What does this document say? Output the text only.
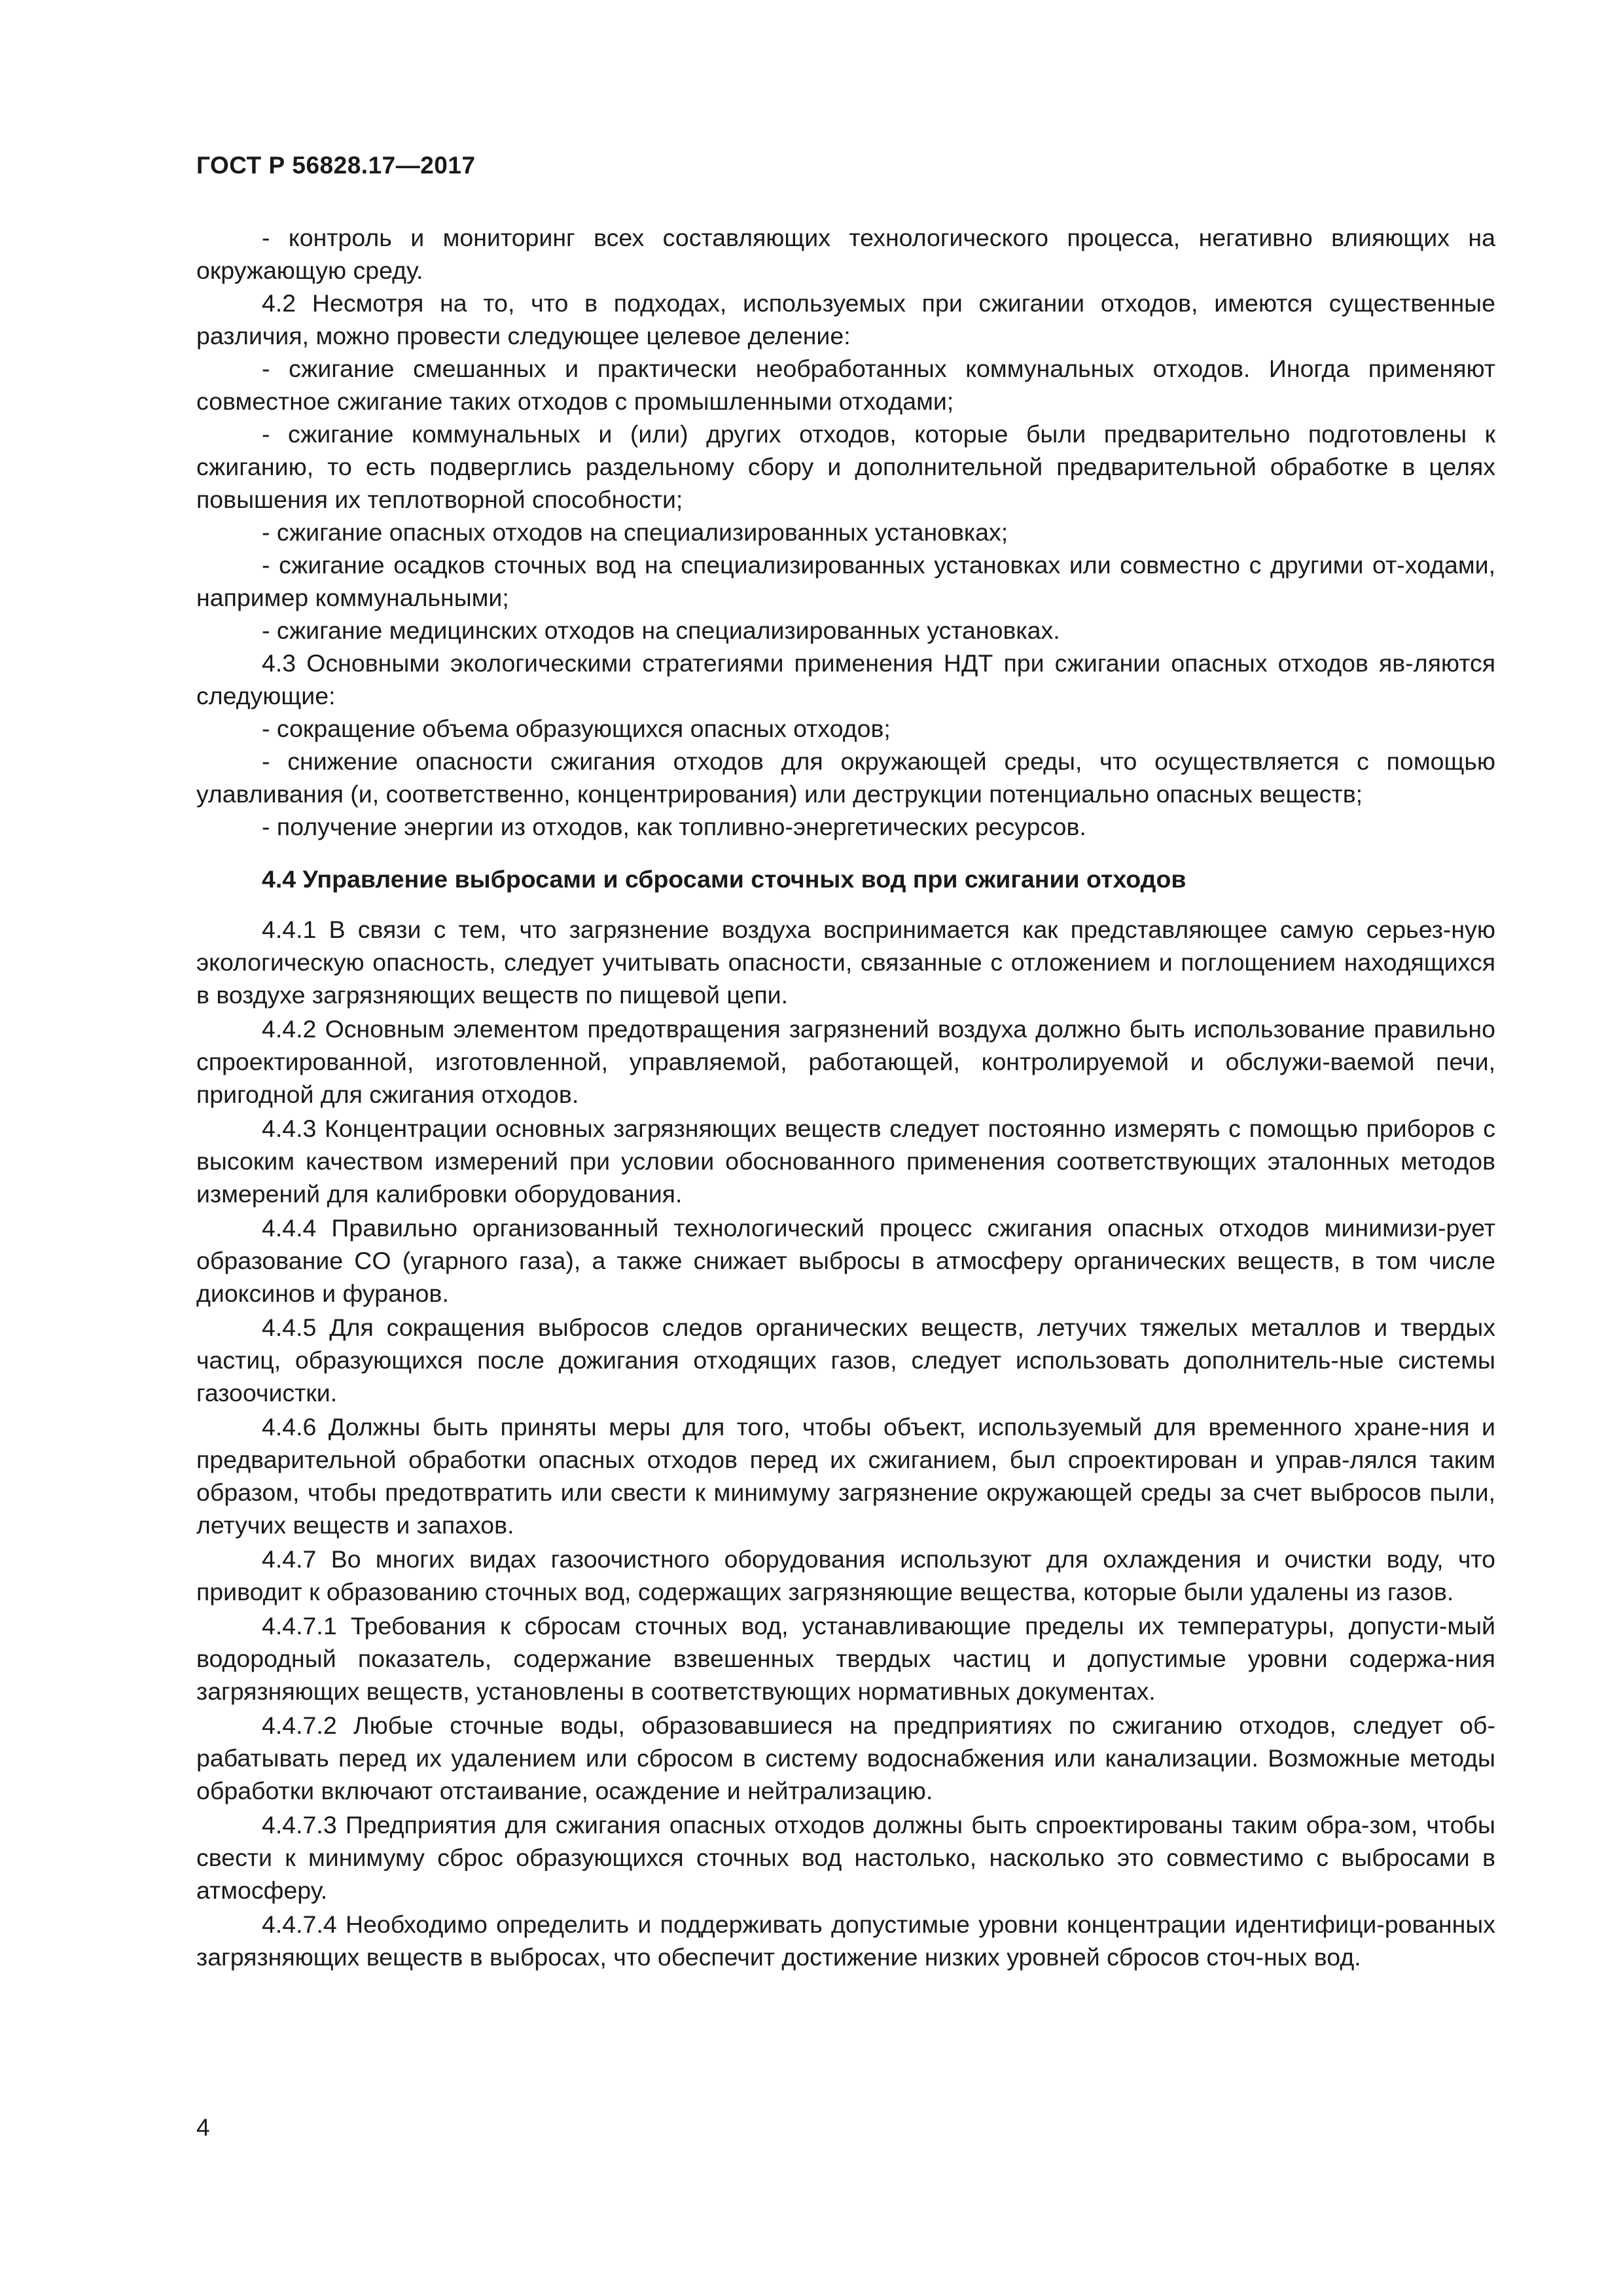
ГОСТ Р 56828.17—2017

- контроль и мониторинг всех составляющих технологического процесса, негативно влияющих на окружающую среду.

4.2 Несмотря на то, что в подходах, используемых при сжигании отходов, имеются существенные различия, можно провести следующее целевое деление:

- сжигание смешанных и практически необработанных коммунальных отходов. Иногда применяют совместное сжигание таких отходов с промышленными отходами;

- сжигание коммунальных и (или) других отходов, которые были предварительно подготовлены к сжиганию, то есть подверглись раздельному сбору и дополнительной предварительной обработке в целях повышения их теплотворной способности;

- сжигание опасных отходов на специализированных установках;

- сжигание осадков сточных вод на специализированных установках или совместно с другими от-ходами, например коммунальными;

- сжигание медицинских отходов на специализированных установках.

4.3 Основными экологическими стратегиями применения НДТ при сжигании опасных отходов яв-ляются следующие:

- сокращение объема образующихся опасных отходов;

- снижение опасности сжигания отходов для окружающей среды, что осуществляется с помощью улавливания (и, соответственно, концентрирования) или деструкции потенциально опасных веществ;

- получение энергии из отходов, как топливно-энергетических ресурсов.

4.4 Управление выбросами и сбросами сточных вод при сжигании отходов

4.4.1 В связи с тем, что загрязнение воздуха воспринимается как представляющее самую серьез-ную экологическую опасность, следует учитывать опасности, связанные с отложением и поглощением находящихся в воздухе загрязняющих веществ по пищевой цепи.

4.4.2 Основным элементом предотвращения загрязнений воздуха должно быть использование правильно спроектированной, изготовленной, управляемой, работающей, контролируемой и обслужи-ваемой печи, пригодной для сжигания отходов.

4.4.3 Концентрации основных загрязняющих веществ следует постоянно измерять с помощью приборов с высоким качеством измерений при условии обоснованного применения соответствующих эталонных методов измерений для калибровки оборудования.

4.4.4 Правильно организованный технологический процесс сжигания опасных отходов минимизи-рует образование CO (угарного газа), а также снижает выбросы в атмосферу органических веществ, в том числе диоксинов и фуранов.

4.4.5 Для сокращения выбросов следов органических веществ, летучих тяжелых металлов и твердых частиц, образующихся после дожигания отходящих газов, следует использовать дополнитель-ные системы газоочистки.

4.4.6 Должны быть приняты меры для того, чтобы объект, используемый для временного хране-ния и предварительной обработки опасных отходов перед их сжиганием, был спроектирован и управ-лялся таким образом, чтобы предотвратить или свести к минимуму загрязнение окружающей среды за счет выбросов пыли, летучих веществ и запахов.

4.4.7 Во многих видах газоочистного оборудования используют для охлаждения и очистки воду, что приводит к образованию сточных вод, содержащих загрязняющие вещества, которые были удалены из газов.

4.4.7.1 Требования к сбросам сточных вод, устанавливающие пределы их температуры, допусти-мый водородный показатель, содержание взвешенных твердых частиц и допустимые уровни содержа-ния загрязняющих веществ, установлены в соответствующих нормативных документах.

4.4.7.2 Любые сточные воды, образовавшиеся на предприятиях по сжиганию отходов, следует об-рабатывать перед их удалением или сбросом в систему водоснабжения или канализации. Возможные методы обработки включают отстаивание, осаждение и нейтрализацию.

4.4.7.3 Предприятия для сжигания опасных отходов должны быть спроектированы таким обра-зом, чтобы свести к минимуму сброс образующихся сточных вод настолько, насколько это совместимо с выбросами в атмосферу.

4.4.7.4 Необходимо определить и поддерживать допустимые уровни концентрации идентифици-рованных загрязняющих веществ в выбросах, что обеспечит достижение низких уровней сбросов сточ-ных вод.

4
